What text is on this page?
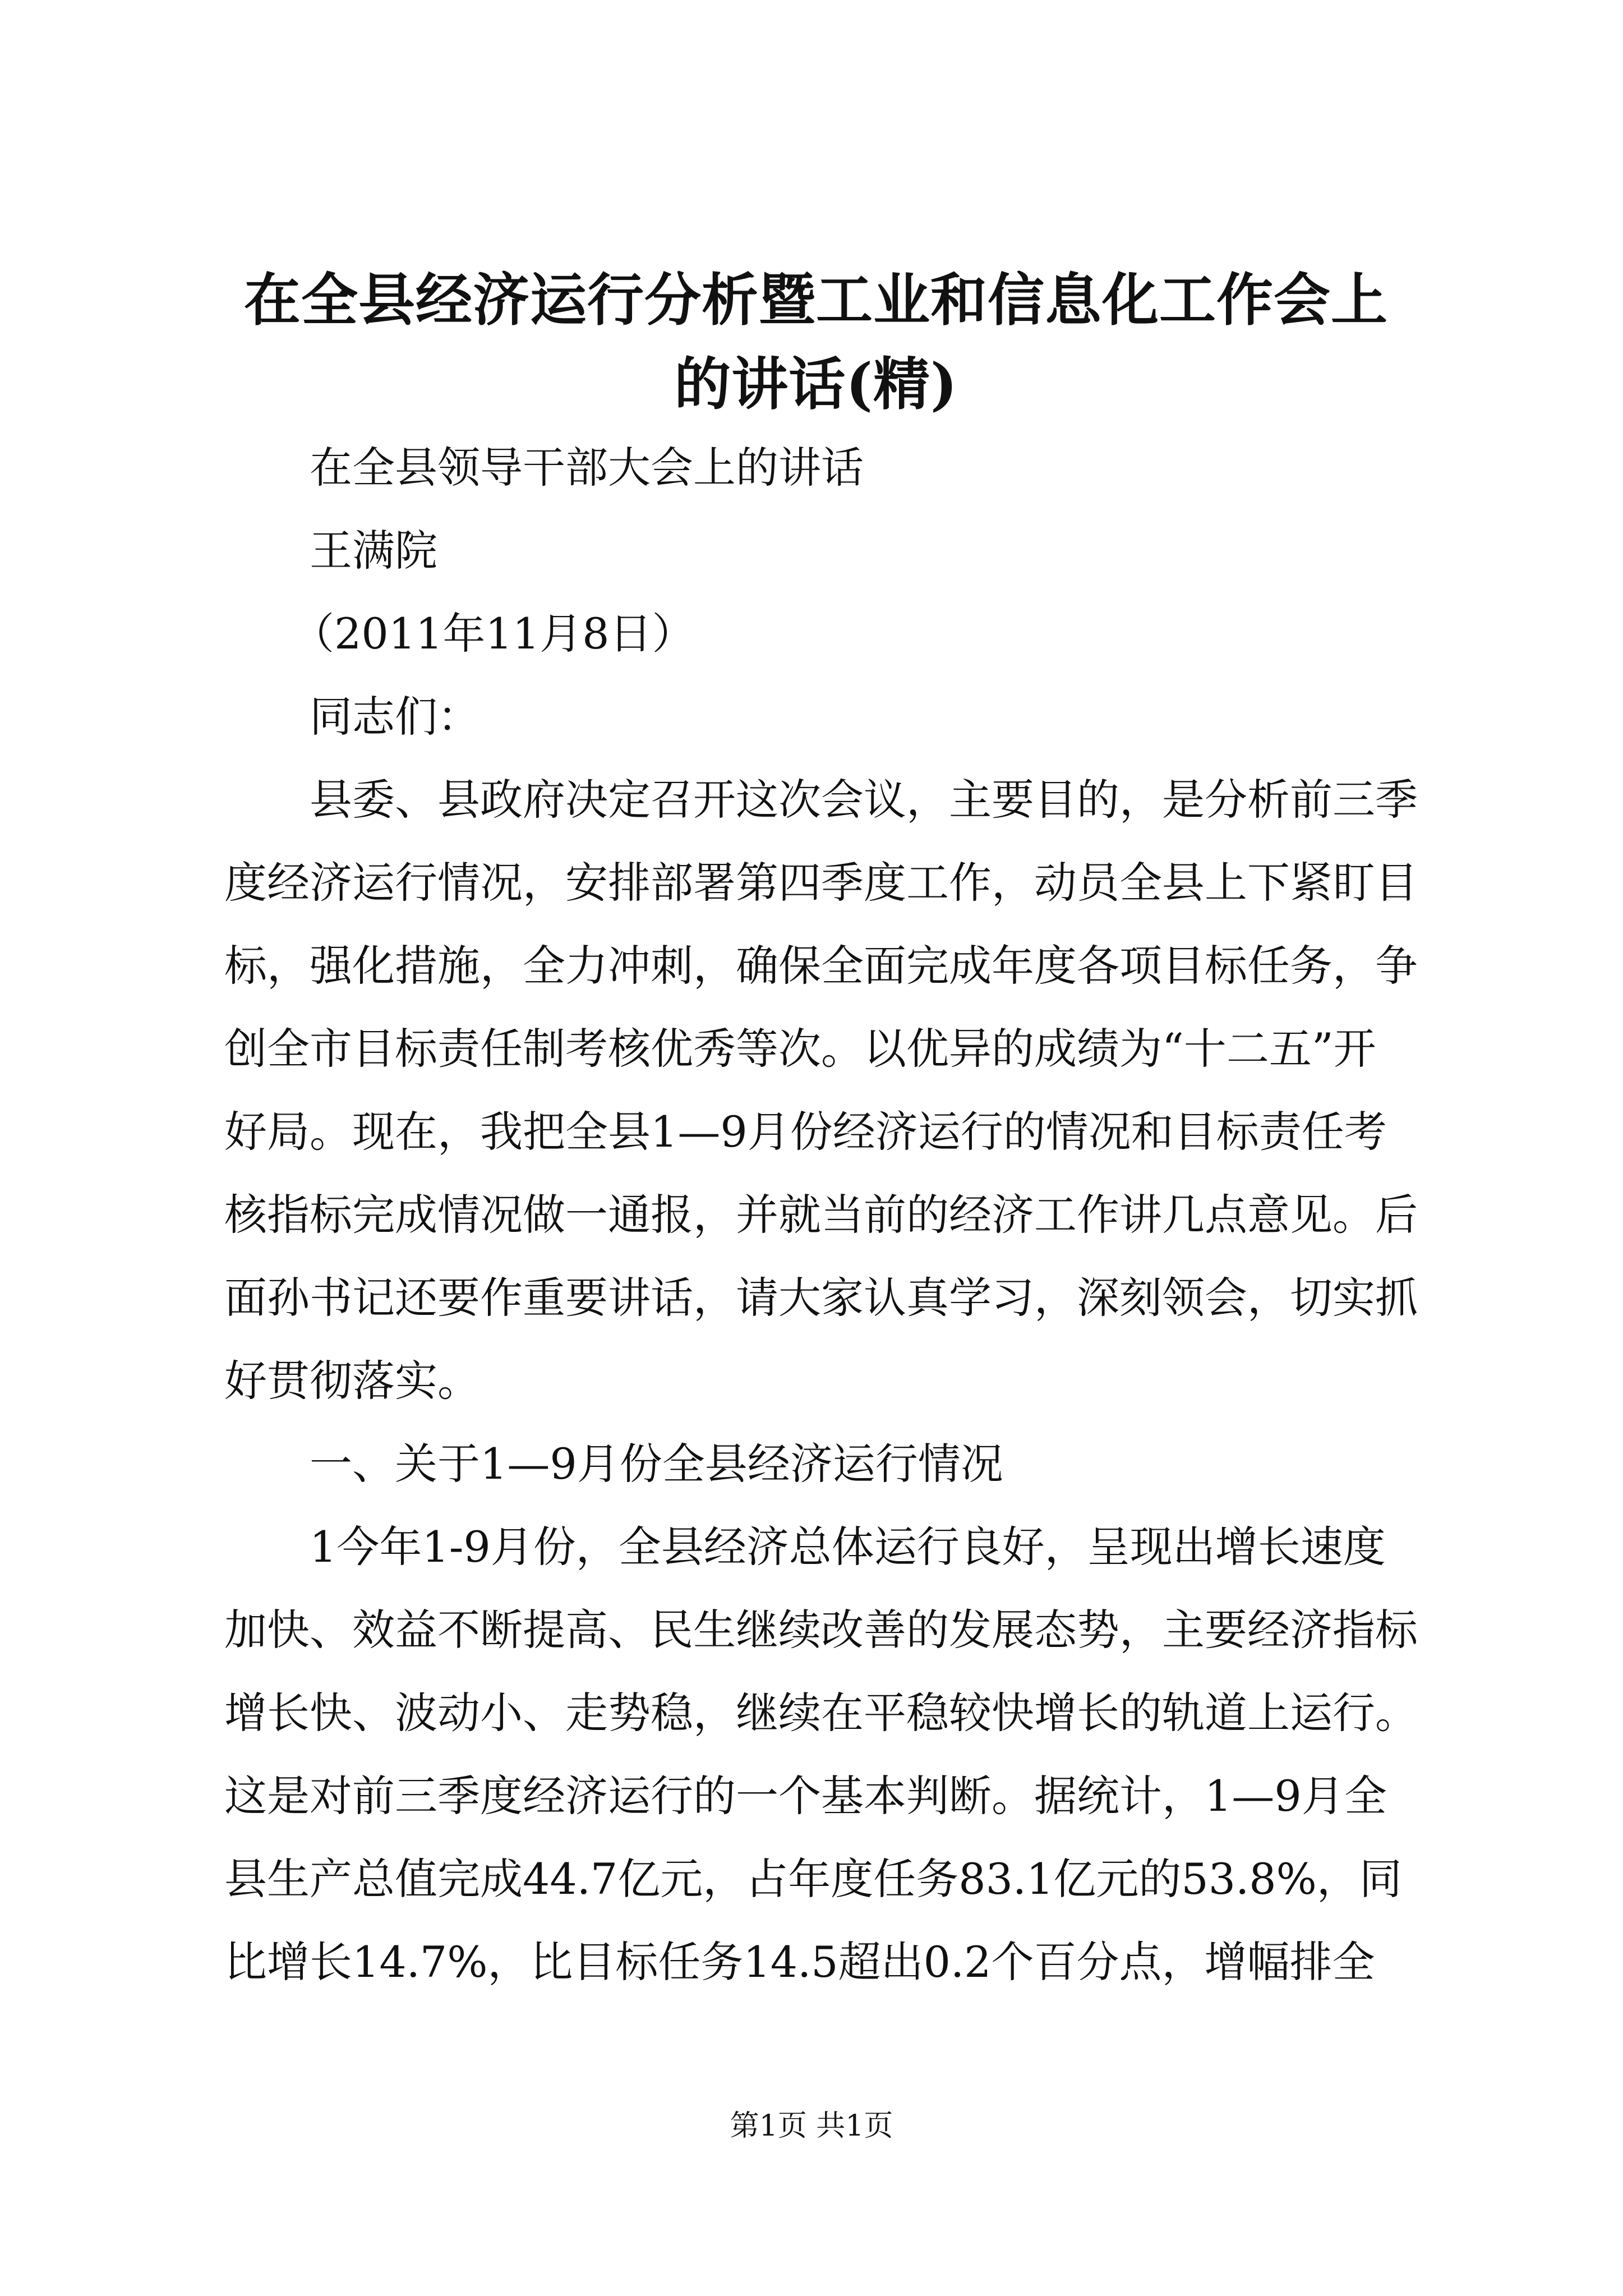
在全县经济运行分析暨工业和信息化工作会上
的讲话(精)

在全县领导干部大会上的讲话

王满院

（2011年11月8日）

同志们：

县委、县政府决定召开这次会议，主要目的，是分析前三季
度经济运行情况，安排部署第四季度工作，动员全县上下紧盯目
标，强化措施，全力冲刺，确保全面完成年度各项目标任务，争
创全市目标责任制考核优秀等次。以优异的成绩为“十二五”开
好局。现在，我把全县1—9月份经济运行的情况和目标责任考
核指标完成情况做一通报，并就当前的经济工作讲几点意见。后
面孙书记还要作重要讲话，请大家认真学习，深刻领会，切实抓
好贯彻落实。

一、关于1—9月份全县经济运行情况

1今年1-9月份，全县经济总体运行良好，呈现出增长速度
加快、效益不断提高、民生继续改善的发展态势，主要经济指标
增长快、波动小、走势稳，继续在平稳较快增长的轨道上运行。
这是对前三季度经济运行的一个基本判断。据统计，1—9月全
县生产总值完成44.7亿元，占年度任务83.1亿元的53.8%，同
比增长14.7%，比目标任务14.5超出0.2个百分点，增幅排全
第1页 共1页
